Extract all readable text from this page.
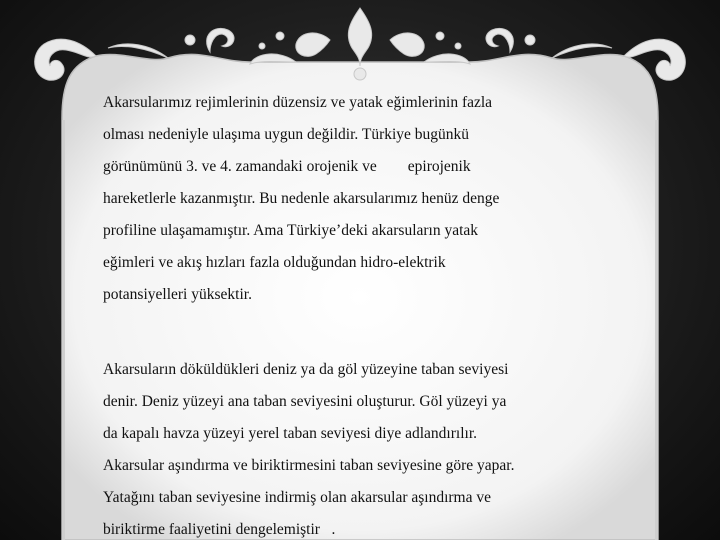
Akarsularımız rejimlerinin düzensiz ve yatak eğimlerinin fazla
olması nedeniyle ulaşıma uygun değildir. Türkiye bugünkü
görünümünü 3. ve 4. zamandaki orojenik ve        epirojenik
hareketlerle kazanmıştır. Bu nedenle akarsularımız henüz denge
profiline ulaşamamıştır. Ama Türkiye’deki akarsuların yatak
eğimleri ve akış hızları fazla olduğundan hidro-elektrik
potansiyelleri yüksektir.
Akarsuların döküldükleri deniz ya da göl yüzeyine taban seviyesi
denir. Deniz yüzeyi ana taban seviyesini oluşturur. Göl yüzeyi ya
da kapalı havza yüzeyi yerel taban seviyesi diye adlandırılır.
Akarsular aşındırma ve biriktirmesini taban seviyesine göre yapar.
Yatağını taban seviyesine indirmiş olan akarsular aşındırma ve
biriktirme faaliyetini dengelemiştir   .
